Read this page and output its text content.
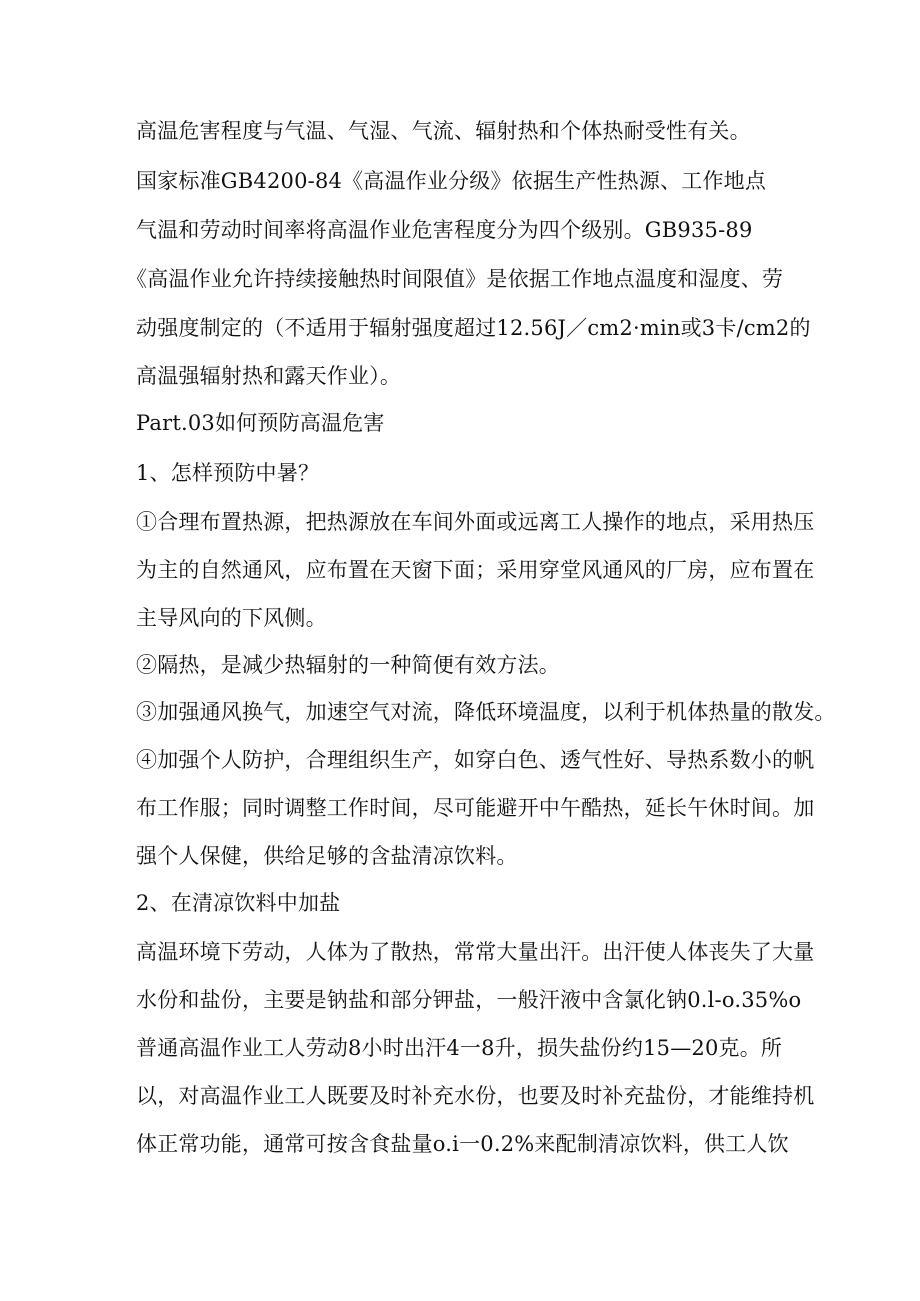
高温危害程度与气温、气湿、气流、辐射热和个体热耐受性有关。
国家标准GB4200-84《高温作业分级》依据生产性热源、工作地点
气温和劳动时间率将高温作业危害程度分为四个级别。GB935-89
《高温作业允许持续接触热时间限值》是依据工作地点温度和湿度、劳
动强度制定的（不适用于辐射强度超过12.56J／cm2·min或3卡/cm2的
高温强辐射热和露天作业）。
Part.03如何预防高温危害
1、怎样预防中暑？
①合理布置热源，把热源放在车间外面或远离工人操作的地点，采用热压
为主的自然通风，应布置在天窗下面；采用穿堂风通风的厂房，应布置在
主导风向的下风侧。
②隔热，是减少热辐射的一种简便有效方法。
③加强通风换气，加速空气对流，降低环境温度，以利于机体热量的散发。
④加强个人防护，合理组织生产，如穿白色、透气性好、导热系数小的帆
布工作服；同时调整工作时间，尽可能避开中午酷热，延长午休时间。加
强个人保健，供给足够的含盐清凉饮料。
2、在清凉饮料中加盐
高温环境下劳动，人体为了散热，常常大量出汗。出汗使人体丧失了大量
水份和盐份，主要是钠盐和部分钾盐，一般汗液中含氯化钠0.l-o.35%o
普通高温作业工人劳动8小时出汗4一8升，损失盐份约15—20克。所
以，对高温作业工人既要及时补充水份，也要及时补充盐份，才能维持机
体正常功能，通常可按含食盐量o.i一0.2%来配制清凉饮料，供工人饮
